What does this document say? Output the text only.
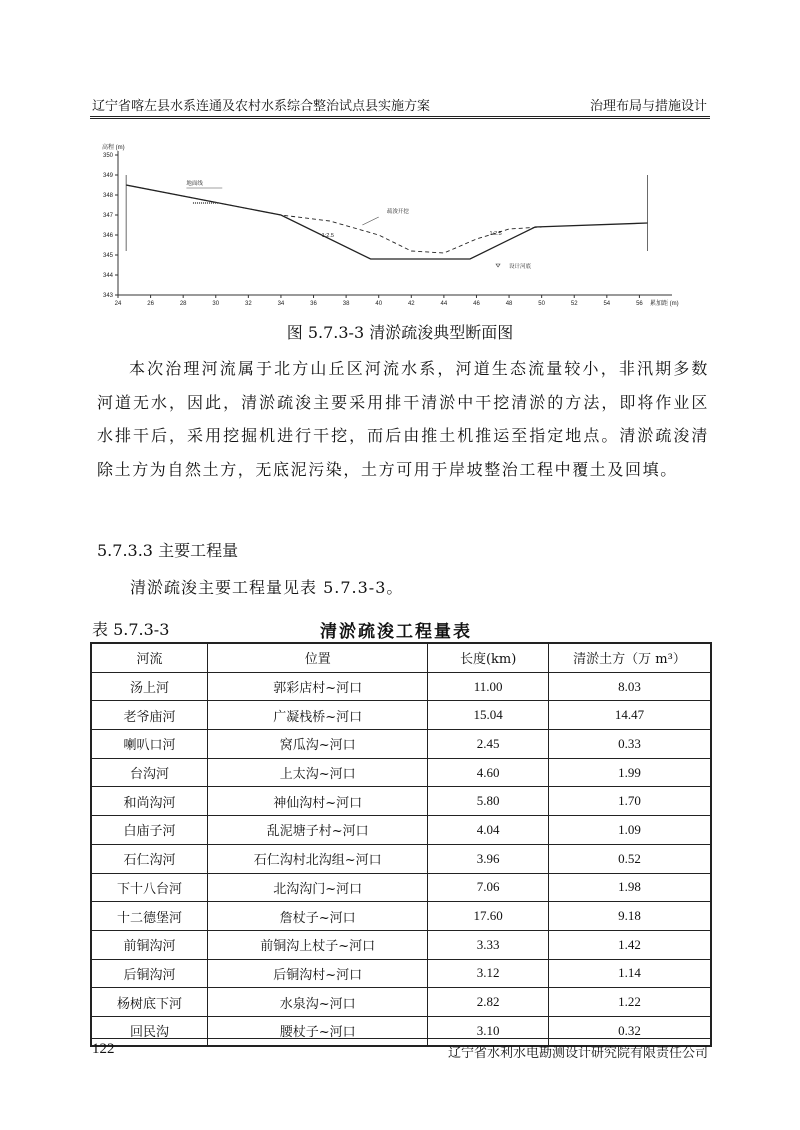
辽宁省喀左县水系连通及农村水系综合整治试点县实施方案	治理布局与措施设计
高程 (m)
累加距 (m)
24	26	28	30	32	34	36	38	40	42	44	46	48	50	52	54	56
343
344
345
346
347
348
349
350
地面线
疏浚开挖
1:2.5	1:2.5
设计河底
图 5.7.3-3 清淤疏浚典型断面图

本次治理河流属于北方山丘区河流水系，河道生态流量较小，非汛期多数河道无水，因此，清淤疏浚主要采用排干清淤中干挖清淤的方法，即将作业区水排干后，采用挖掘机进行干挖，而后由推土机推运至指定地点。清淤疏浚清除土方为自然土方，无底泥污染，土方可用于岸坡整治工程中覆土及回填。

5.7.3.3 主要工程量
清淤疏浚主要工程量见表 5.7.3-3。
表 5.7.3-3	清淤疏浚工程量表
河流	位置	长度(km)	清淤土方（万 m³）
汤上河	郭彩店村~河口	11.00	8.03
老爷庙河	广凝栈桥~河口	15.04	14.47
喇叭口河	窝瓜沟~河口	2.45	0.33
台沟河	上太沟~河口	4.60	1.99
和尚沟河	神仙沟村~河口	5.80	1.70
白庙子河	乱泥塘子村~河口	4.04	1.09
石仁沟河	石仁沟村北沟组~河口	3.96	0.52
下十八台河	北沟沟门~河口	7.06	1.98
十二德堡河	詹杖子~河口	17.60	9.18
前铜沟河	前铜沟上杖子~河口	3.33	1.42
后铜沟河	后铜沟村~河口	3.12	1.14
杨树底下河	水泉沟~河口	2.82	1.22
回民沟	腰杖子~河口	3.10	0.32
122	辽宁省水利水电勘测设计研究院有限责任公司
